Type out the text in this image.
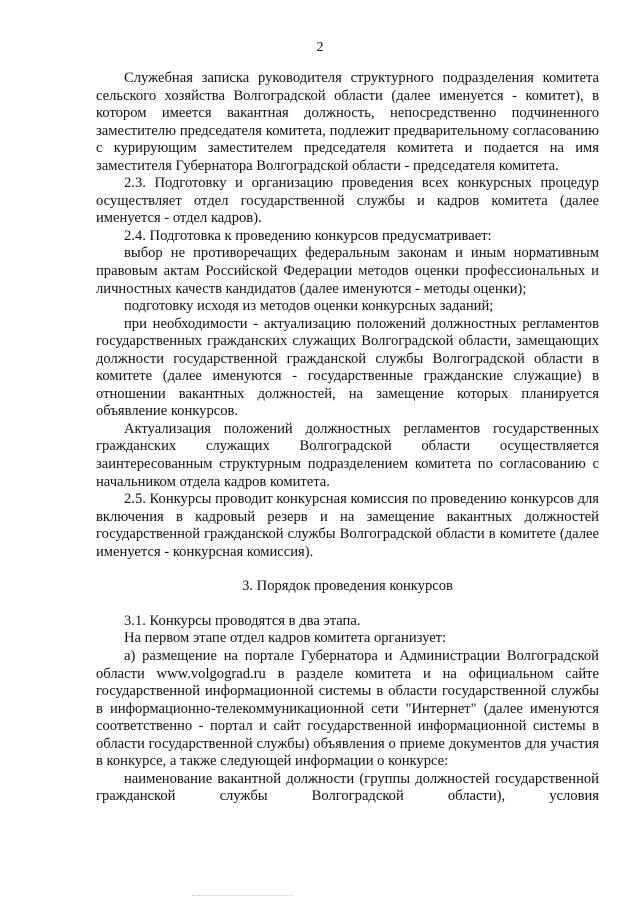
2

Служебная записка руководителя структурного подразделения комитета сельского хозяйства Волгоградской области (далее именуется - комитет), в котором имеется вакантная должность, непосредственно подчиненного заместителю председателя комитета, подлежит предварительному согласованию с курирующим заместителем председателя комитета и подается на имя заместителя Губернатора Волгоградской области - председателя комитета.

2.3. Подготовку и организацию проведения всех конкурсных процедур осуществляет отдел государственной службы и кадров комитета (далее именуется - отдел кадров).

2.4. Подготовка к проведению конкурсов предусматривает:

выбор не противоречащих федеральным законам и иным нормативным правовым актам Российской Федерации методов оценки профессиональных и личностных качеств кандидатов (далее именуются - методы оценки);

подготовку исходя из методов оценки конкурсных заданий;

при необходимости - актуализацию положений должностных регламентов государственных гражданских служащих Волгоградской области, замещающих должности государственной гражданской службы Волгоградской области в комитете (далее именуются - государственные гражданские служащие) в отношении вакантных должностей, на замещение которых планируется объявление конкурсов.

Актуализация положений должностных регламентов государственных гражданских служащих Волгоградской области осуществляется заинтересованным структурным подразделением комитета по согласованию с начальником отдела кадров комитета.

2.5. Конкурсы проводит конкурсная комиссия по проведению конкурсов для включения в кадровый резерв и на замещение вакантных должностей государственной гражданской службы Волгоградской области в комитете (далее именуется - конкурсная комиссия).

3. Порядок проведения конкурсов

3.1. Конкурсы проводятся в два этапа.

На первом этапе отдел кадров комитета организует:

а) размещение на портале Губернатора и Администрации Волгоградской области www.volgograd.ru в разделе комитета и на официальном сайте государственной информационной системы в области государственной службы в информационно-телекоммуникационной сети "Интернет" (далее именуются соответственно - портал и сайт государственной информационной системы в области государственной службы) объявления о приеме документов для участия в конкурсе, а также следующей информации о конкурсе:

наименование вакантной должности (группы должностей государственной гражданской службы Волгоградской области), условия
